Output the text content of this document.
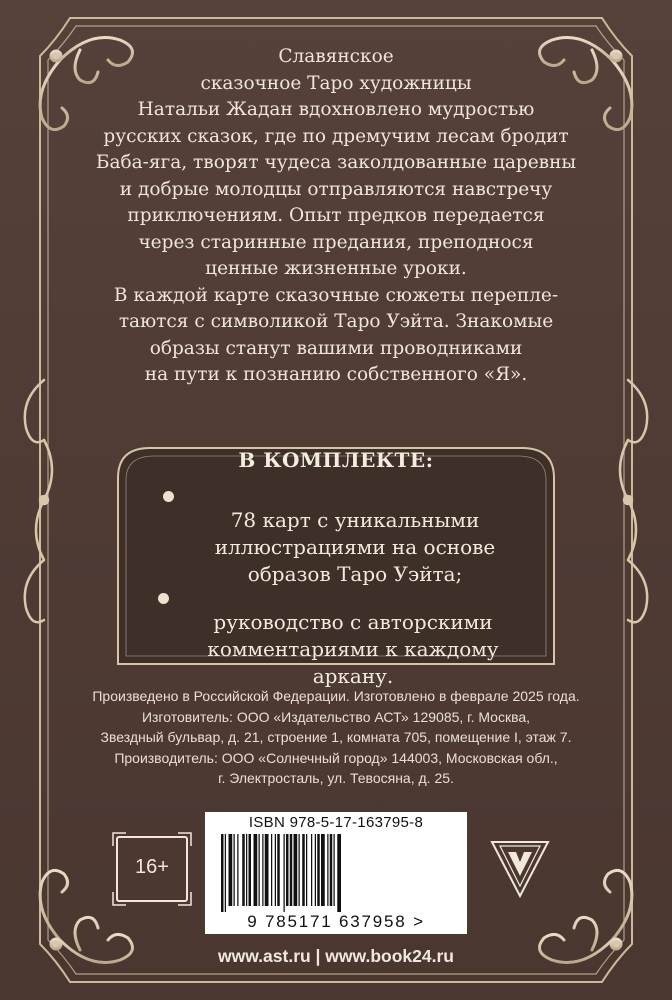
Славянское
сказочное Таро художницы
Натальи Жадан вдохновлено мудростью
русских сказок, где по дремучим лесам бродит
Баба-яга, творят чудеса заколдованные царевны
и добрые молодцы отправляются навстречу
приключениям. Опыт предков передается
через старинные предания, преподнося
ценные жизненные уроки.
В каждой карте сказочные сюжеты перепле-
таются с символикой Таро Уэйта. Знакомые
образы станут вашими проводниками
на пути к познанию собственного «Я».
В КОМПЛЕКТЕ:

78 карт с уникальными
иллюстрациями на основе
образов Таро Уэйта;

руководство с авторскими
комментариями к каждому
аркану.

Произведено в Российской Федерации. Изготовлено в феврале 2025 года.
Изготовитель: ООО «Издательство АСТ» 129085, г. Москва,
Звездный бульвар, д. 21, строение 1, комната 705, помещение I, этаж 7.
Производитель: ООО «Солнечный город» 144003, Московская обл.,
г. Электросталь, ул. Тевосяна, д. 25.
16+
ISBN 978-5-17-163795-8
9 785171 637958 >
www.ast.ru | www.book24.ru
